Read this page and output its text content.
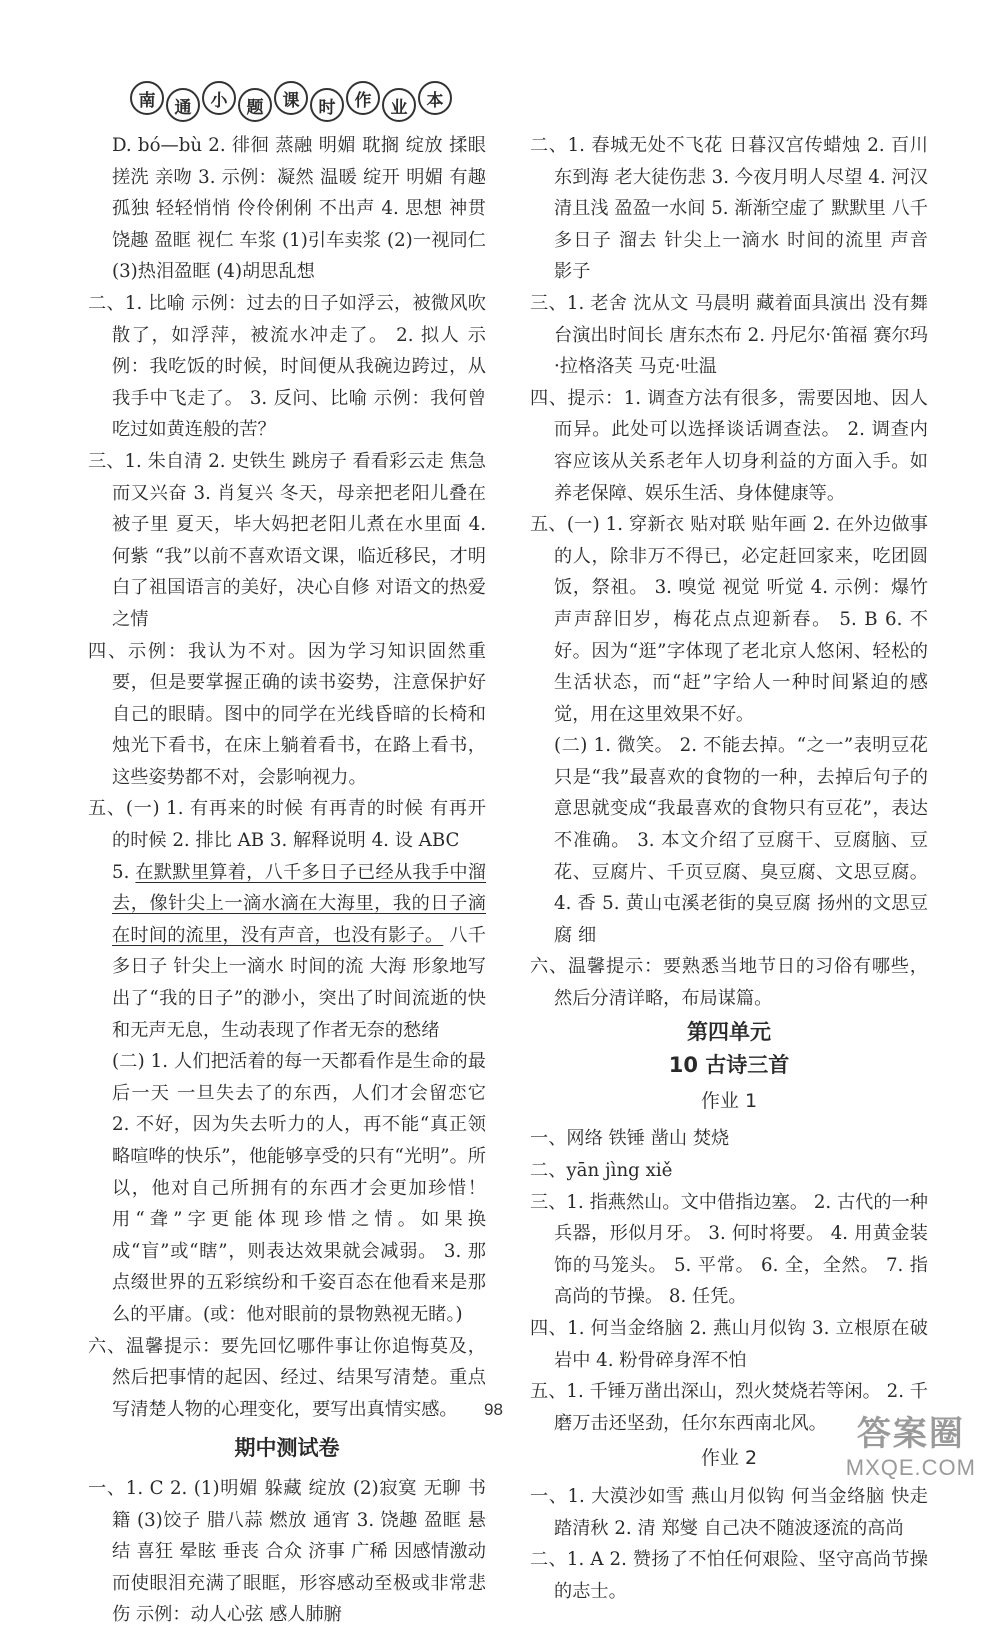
南	通	小	题	课	时	作	业	本

D. bó—bù 2. 徘徊 蒸融 明媚 耽搁 绽放 揉眼 搓洗 亲吻 3. 示例：凝然 温暖 绽开 明媚 有趣 孤独 轻轻悄悄 伶伶俐俐 不出声 4. 思想 神贯 饶趣 盈眶 视仁 车浆 (1)引车卖浆 (2)一视同仁 (3)热泪盈眶 (4)胡思乱想

二、1. 比喻 示例：过去的日子如浮云，被微风吹散了，如浮萍，被流水冲走了。 2. 拟人 示例：我吃饭的时候，时间便从我碗边跨过，从我手中飞走了。 3. 反问、比喻 示例：我何曾吃过如黄连般的苦？

三、1. 朱自清 2. 史铁生 跳房子 看看彩云走 焦急而又兴奋 3. 肖复兴 冬天，母亲把老阳儿叠在被子里 夏天，毕大妈把老阳儿煮在水里面 4. 何紫 “我”以前不喜欢语文课，临近移民，才明白了祖国语言的美好，决心自修 对语文的热爱之情

四、示例：我认为不对。因为学习知识固然重要，但是要掌握正确的读书姿势，注意保护好自己的眼睛。图中的同学在光线昏暗的长椅和烛光下看书，在床上躺着看书，在路上看书，这些姿势都不对，会影响视力。

五、(一) 1. 有再来的时候 有再青的时候 有再开的时候 2. 排比 AB 3. 解释说明 4. 设 ABC

5. 在默默里算着，八千多日子已经从我手中溜去，像针尖上一滴水滴在大海里，我的日子滴在时间的流里，没有声音，也没有影子。 八千多日子 针尖上一滴水 时间的流 大海 形象地写出了“我的日子”的渺小，突出了时间流逝的快和无声无息，生动表现了作者无奈的愁绪

(二) 1. 人们把活着的每一天都看作是生命的最后一天 一旦失去了的东西，人们才会留恋它 2. 不好，因为失去听力的人，再不能“真正领略喧哗的快乐”，他能够享受的只有“光明”。所以，他对自己所拥有的东西才会更加珍惜！用“聋”字更能体现珍惜之情。如果换成“盲”或“瞎”，则表达效果就会减弱。 3. 那点缀世界的五彩缤纷和千姿百态在他看来是那么的平庸。(或：他对眼前的景物熟视无睹。)

六、温馨提示：要先回忆哪件事让你追悔莫及，然后把事情的起因、经过、结果写清楚。重点写清楚人物的心理变化，要写出真情实感。

期中测试卷

一、1. C 2. (1)明媚 躲藏 绽放 (2)寂寞 无聊 书籍 (3)饺子 腊八蒜 燃放 通宵 3. 饶趣 盈眶 悬结 喜狂 晕眩 垂丧 合众 济事 广稀 因感情激动而使眼泪充满了眼眶，形容感动至极或非常悲伤 示例：动人心弦 感人肺腑

二、1. 春城无处不飞花 日暮汉宫传蜡烛 2. 百川东到海 老大徒伤悲 3. 今夜月明人尽望 4. 河汉清且浅 盈盈一水间 5. 渐渐空虚了 默默里 八千多日子 溜去 针尖上一滴水 时间的流里 声音 影子

三、1. 老舍 沈从文 马晨明 藏着面具演出 没有舞台演出时间长 唐东杰布 2. 丹尼尔·笛福 赛尔玛·拉格洛芙 马克·吐温

四、提示：1. 调查方法有很多，需要因地、因人而异。此处可以选择谈话调查法。 2. 调查内容应该从关系老年人切身利益的方面入手。如养老保障、娱乐生活、身体健康等。

五、(一) 1. 穿新衣 贴对联 贴年画 2. 在外边做事的人，除非万不得已，必定赶回家来，吃团圆饭，祭祖。 3. 嗅觉 视觉 听觉 4. 示例：爆竹声声辞旧岁，梅花点点迎新春。 5. B 6. 不好。因为“逛”字体现了老北京人悠闲、轻松的生活状态，而“赶”字给人一种时间紧迫的感觉，用在这里效果不好。

(二) 1. 微笑。 2. 不能去掉。“之一”表明豆花只是“我”最喜欢的食物的一种，去掉后句子的意思就变成“我最喜欢的食物只有豆花”，表达不准确。 3. 本文介绍了豆腐干、豆腐脑、豆花、豆腐片、千页豆腐、臭豆腐、文思豆腐。 4. 香 5. 黄山屯溪老街的臭豆腐 扬州的文思豆腐 细

六、温馨提示：要熟悉当地节日的习俗有哪些，然后分清详略，布局谋篇。

第四单元

10 古诗三首

作业 1

一、网络 铁锤 凿山 焚烧

二、yān jìng xiě

三、1. 指燕然山。文中借指边塞。 2. 古代的一种兵器，形似月牙。 3. 何时将要。 4. 用黄金装饰的马笼头。 5. 平常。 6. 全，全然。 7. 指高尚的节操。 8. 任凭。

四、1. 何当金络脑 2. 燕山月似钩 3. 立根原在破岩中 4. 粉骨碎身浑不怕

五、1. 千锤万凿出深山，烈火焚烧若等闲。 2. 千磨万击还坚劲，任尔东西南北风。

作业 2

一、1. 大漠沙如雪 燕山月似钩 何当金络脑 快走踏清秋 2. 清 郑燮 自己决不随波逐流的高尚

二、1. A 2. 赞扬了不怕任何艰险、坚守高尚节操的志士。

98
答案圈
MXQE.COM
